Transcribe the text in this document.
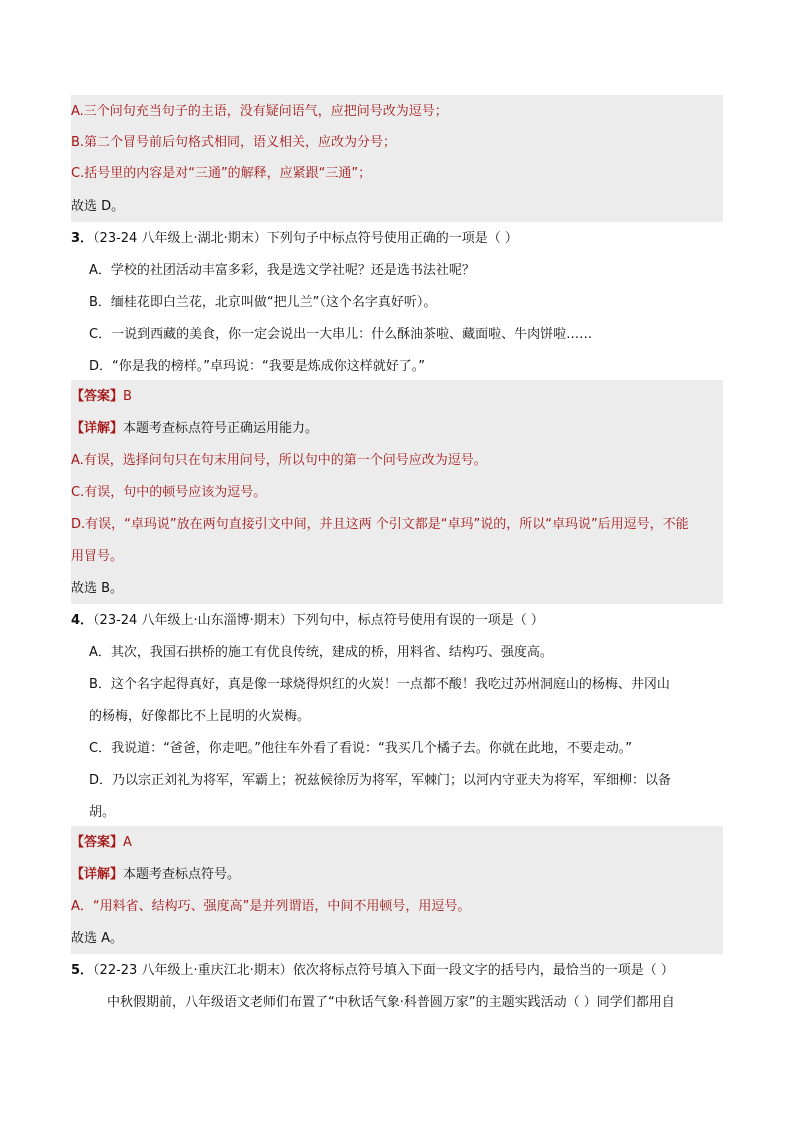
A.三个问句充当句子的主语，没有疑问语气，应把问号改为逗号；
B.第二个冒号前后句格式相同，语义相关，应改为分号；
C.括号里的内容是对“三通”的解释，应紧跟“三通”；
故选 D。
3．（23-24 八年级上·湖北·期末）下列句子中标点符号使用正确的一项是（ ）
A．学校的社团活动丰富多彩，我是选文学社呢？还是选书法社呢？
B．缅桂花即白兰花，北京叫做“把儿兰”（这个名字真好听）。
C．一说到西藏的美食，你一定会说出一大串儿：什么酥油茶啦、藏面啦、牛肉饼啦……
D．“你是我的榜样。”卓玛说：“我要是炼成你这样就好了。”
【答案】B
【详解】本题考查标点符号正确运用能力。
A.有误，选择问句只在句末用问号，所以句中的第一个问号应改为逗号。
C.有误，句中的顿号应该为逗号。
D.有误，“卓玛说”放在两句直接引文中间，并且这两 个引文都是“卓玛”说的，所以“卓玛说”后用逗号，不能
用冒号。
故选 B。
4．（23-24 八年级上·山东淄博·期末）下列句中，标点符号使用有误的一项是（ ）
A．其次，我国石拱桥的施工有优良传统，建成的桥，用料省、结构巧、强度高。
B．这个名字起得真好，真是像一球烧得炽红的火炭！一点都不酸！我吃过苏州洞庭山的杨梅、井冈山
的杨梅，好像都比不上昆明的火炭梅。
C．我说道：“爸爸，你走吧。”他往车外看了看说：“我买几个橘子去。你就在此地，不要走动。”
D．乃以宗正刘礼为将军，军霸上；祝兹候徐厉为将军，军棘门；以河内守亚夫为将军，军细柳：以备
胡。
【答案】A
【详解】本题考查标点符号。
A．“用料省、结构巧、强度高”是并列谓语，中间不用顿号，用逗号。
故选 A。
5．（22-23 八年级上·重庆江北·期末）依次将标点符号填入下面一段文字的括号内，最恰当的一项是（ ）
中秋假期前，八年级语文老师们布置了“中秋话气象·科普圆万家”的主题实践活动（ ）同学们都用自
